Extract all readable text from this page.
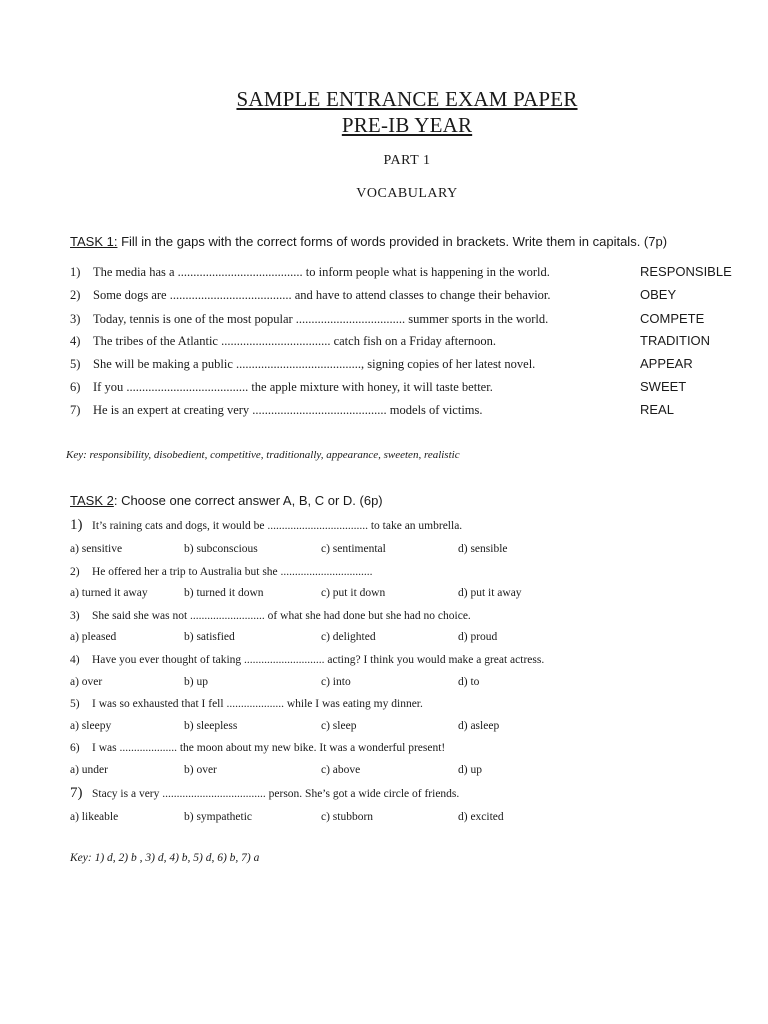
SAMPLE ENTRANCE EXAM PAPER
PRE-IB YEAR
PART 1
VOCABULARY
TASK 1: Fill in the gaps with the correct forms of words provided in brackets. Write them in capitals. (7p)
1) The media has a ........................................ to inform people what is happening in the world.	RESPONSIBLE
2) Some dogs are ....................................... and have to attend classes to change their behavior.	OBEY
3) Today, tennis is one of the most popular ................................... summer sports in the world.	COMPETE
4) The tribes of the Atlantic ................................... catch fish on a Friday afternoon.	TRADITION
5) She will be making a public ........................................, signing copies of her latest novel.	APPEAR
6) If you ....................................... the apple mixture with honey, it will taste better.	SWEET
7) He is an expert at creating very ........................................... models of victims.	REAL
Key: responsibility, disobedient, competitive, traditionally, appearance, sweeten, realistic
TASK 2: Choose one correct answer A, B, C or D. (6p)
1) It’s raining cats and dogs, it would be ................................... to take an umbrella.
a) sensitive	b) subconscious	c) sentimental	d) sensible
2) He offered her a trip to Australia but she ................................
a) turned it away	b) turned it down	c) put it down	d) put it away
3) She said she was not .......................... of what she had done but she had no choice.
a) pleased	b) satisfied	c) delighted	d) proud
4) Have you ever thought of taking ............................ acting? I think you would make a great actress.
a) over	b) up	c) into	d) to
5) I was so exhausted that I fell .................... while I was eating my dinner.
a) sleepy	b) sleepless	c) sleep	d) asleep
6) I was .................... the moon about my new bike. It was a wonderful present!
a) under	b) over	c) above	d) up
7) Stacy is a very .................................... person. She’s got a wide circle of friends.
a) likeable	b) sympathetic	c) stubborn	d) excited
Key: 1) d, 2) b , 3) d, 4) b, 5) d, 6) b, 7) a
